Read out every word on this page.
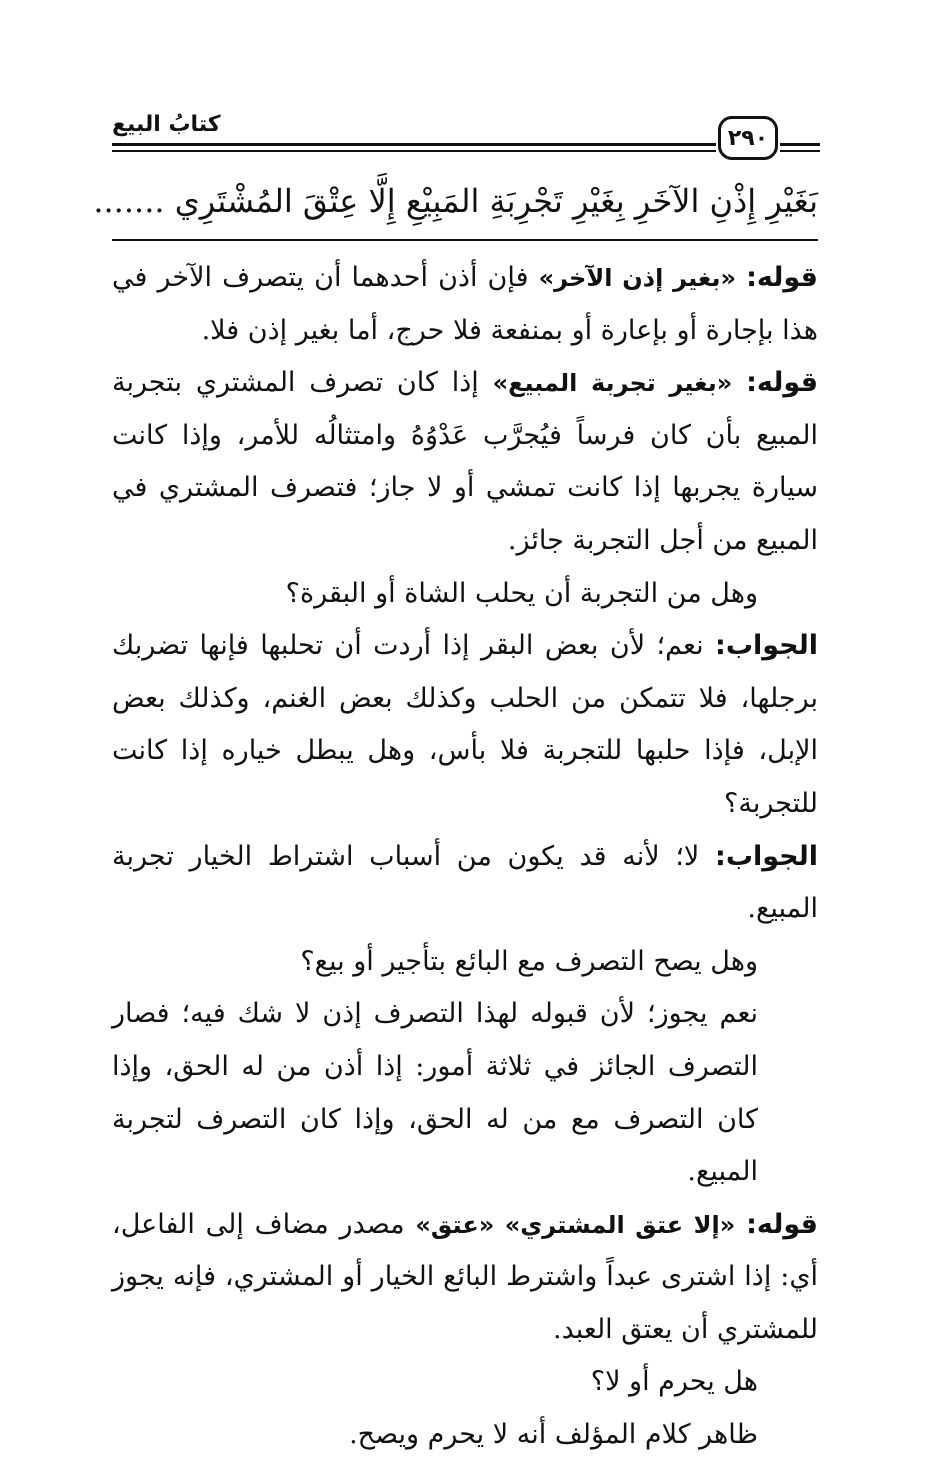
كتابُ البيع
٢٩٠
بَغَيْرِ إِذْنِ الآخَرِ بِغَيْرِ تَجْرِبَةِ المَبِيْعِ إِلَّا عِتْقَ المُشْتَرِي .......

قوله: «بغير إذن الآخر» فإن أذن أحدهما أن يتصرف الآخر في هذا بإجارة أو بإعارة أو بمنفعة فلا حرج، أما بغير إذن فلا.

قوله: «بغير تجربة المبيع» إذا كان تصرف المشتري بتجربة المبيع بأن كان فرساً فيُجرَّب عَدْوُهُ وامتثالُه للأمر، وإذا كانت سيارة يجربها إذا كانت تمشي أو لا جاز؛ فتصرف المشتري في المبيع من أجل التجربة جائز.

وهل من التجربة أن يحلب الشاة أو البقرة؟

الجواب: نعم؛ لأن بعض البقر إذا أردت أن تحلبها فإنها تضربك برجلها، فلا تتمكن من الحلب وكذلك بعض الغنم، وكذلك بعض الإبل، فإذا حلبها للتجربة فلا بأس، وهل يبطل خياره إذا كانت للتجربة؟

الجواب: لا؛ لأنه قد يكون من أسباب اشتراط الخيار تجربة المبيع.

وهل يصح التصرف مع البائع بتأجير أو بيع؟

نعم يجوز؛ لأن قبوله لهذا التصرف إذن لا شك فيه؛ فصار التصرف الجائز في ثلاثة أمور: إذا أذن من له الحق، وإذا كان التصرف مع من له الحق، وإذا كان التصرف لتجربة المبيع.

قوله: «إلا عتق المشتري» «عتق» مصدر مضاف إلى الفاعل، أي: إذا اشترى عبداً واشترط البائع الخيار أو المشتري، فإنه يجوز للمشتري أن يعتق العبد.

هل يحرم أو لا؟

ظاهر كلام المؤلف أنه لا يحرم ويصح.
